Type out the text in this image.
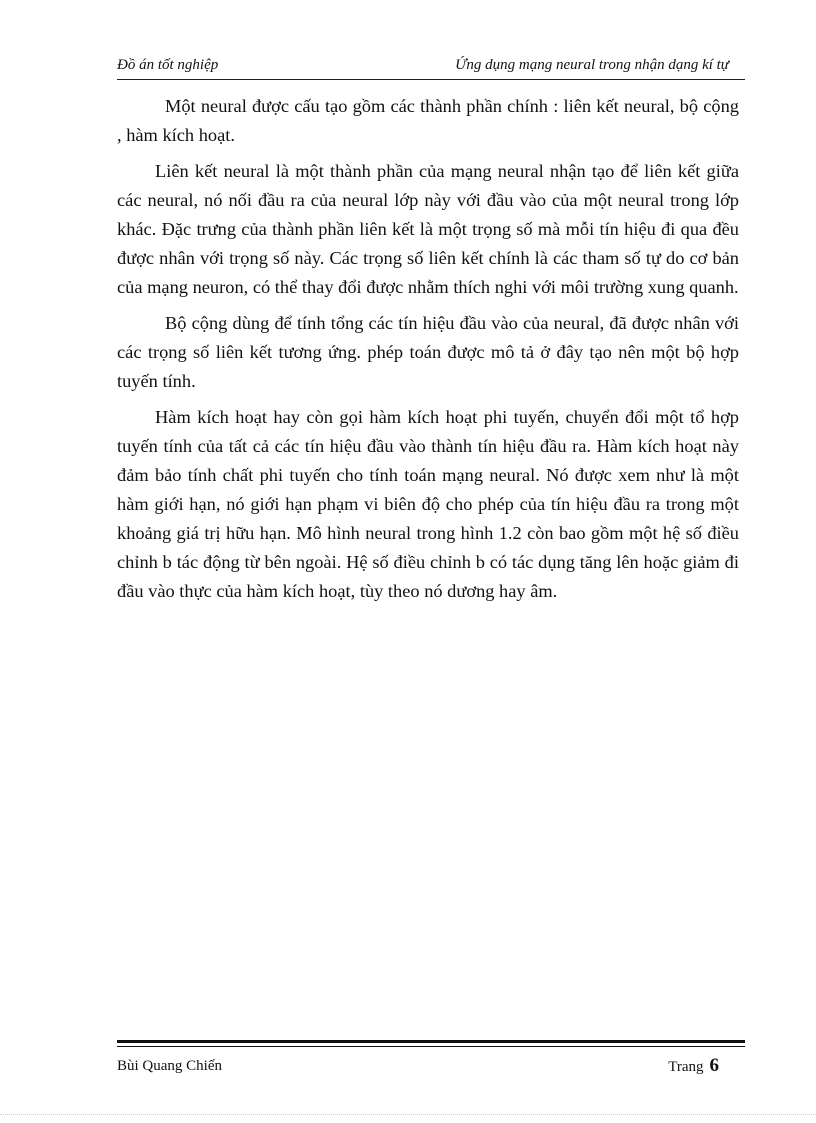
Đồ án tốt nghiệp	Ứng dụng mạng neural trong nhận dạng kí tự

Một neural được cấu tạo gồm các thành phần chính : liên kết neural, bộ cộng , hàm kích hoạt.

Liên kết neural là một thành phần của mạng neural nhận tạo để liên kết giữa các neural, nó nối đầu ra của neural lớp này với đầu vào của một neural trong lớp khác. Đặc trưng của thành phần liên kết là một trọng số mà mỗi tín hiệu đi qua đều được nhân với trọng số này. Các trọng số liên kết chính là các tham số tự do cơ bản của mạng neuron, có thể thay đổi được nhằm thích nghi với môi trường xung quanh.

Bộ cộng dùng để tính tổng các tín hiệu đầu vào của neural, đã được nhân với các trọng số liên kết tương ứng. phép toán được mô tả ở đây tạo nên một bộ hợp tuyến tính.

Hàm kích hoạt hay còn gọi hàm kích hoạt phi tuyến, chuyển đổi một tổ hợp tuyến tính của tất cả các tín hiệu đầu vào thành tín hiệu đầu ra. Hàm kích hoạt này đảm bảo tính chất phi tuyến cho tính toán mạng neural. Nó được xem như là một hàm giới hạn, nó giới hạn phạm vi biên độ cho phép của tín hiệu đầu ra trong một khoảng giá trị hữu hạn. Mô hình neural trong hình 1.2 còn bao gồm một hệ số điều chỉnh b tác động từ bên ngoài. Hệ số điều chỉnh b có tác dụng tăng lên hoặc giảm đi đầu vào thực của hàm kích hoạt, tùy theo nó dương hay âm.

Bùi Quang Chiến	Trang 6
